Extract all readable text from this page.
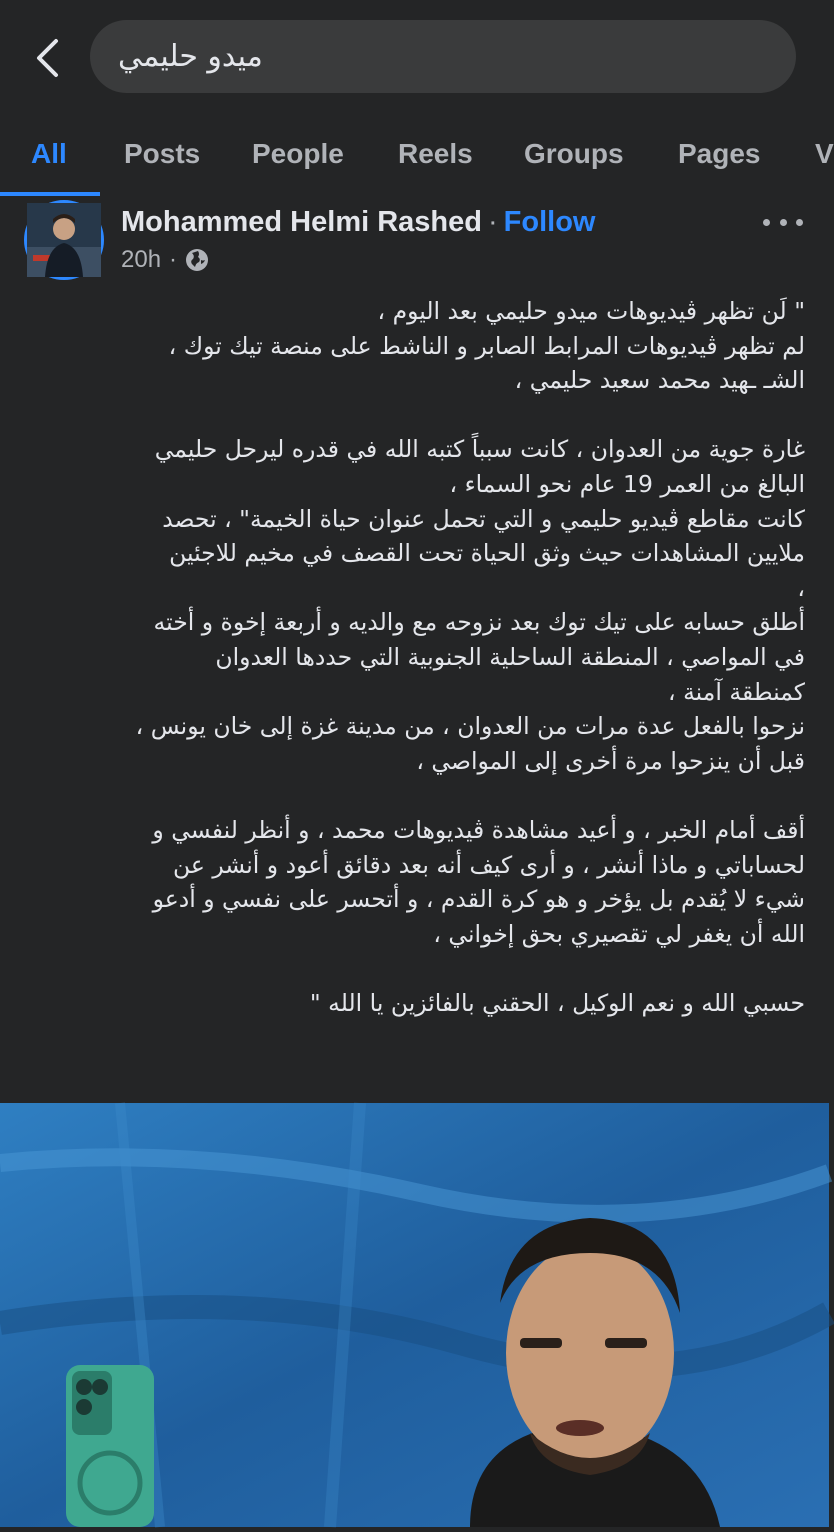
ميدو حليمي
All Posts People Reels Groups Pages V
Mohammed Helmi Rashed · Follow
20h ·

" لَن تظهر ڤيديوهات ميدو حليمي بعد اليوم ،

لم تظهر ڤيديوهات المرابط الصابر و الناشط على منصة تيك توك ،

الشـ ـهيد محمد سعيد حليمي ،

غارة جوية من العدوان ، كانت سبباً كتبه الله في قدره ليرحل حليمي

البالغ من العمر 19 عام نحو السماء ،

كانت مقاطع ڤيديو حليمي و التي تحمل عنوان حياة الخيمة" ، تحصد

ملايين المشاهدات حيث وثق الحياة تحت القصف في مخيم للاجئين

،

أطلق حسابه على تيك توك بعد نزوحه مع والديه و أربعة إخوة و أخته

في المواصي ، المنطقة الساحلية الجنوبية التي حددها العدوان

كمنطقة آمنة ،

نزحوا بالفعل عدة مرات من العدوان ، من مدينة غزة إلى خان يونس ،

قبل أن ينزحوا مرة أخرى إلى المواصي ،

أقف أمام الخبر ، و أعيد مشاهدة ڤيديوهات محمد ، و أنظر لنفسي و

لحساباتي و ماذا أنشر ، و أرى كيف أنه بعد دقائق أعود و أنشر عن

شيء لا يُقدم بل يؤخر و هو كرة القدم ، و أتحسر على نفسي و أدعو

الله أن يغفر لي تقصيري بحق إخواني ،

حسبي الله و نعم الوكيل ، الحقني بالفائزين يا الله "
